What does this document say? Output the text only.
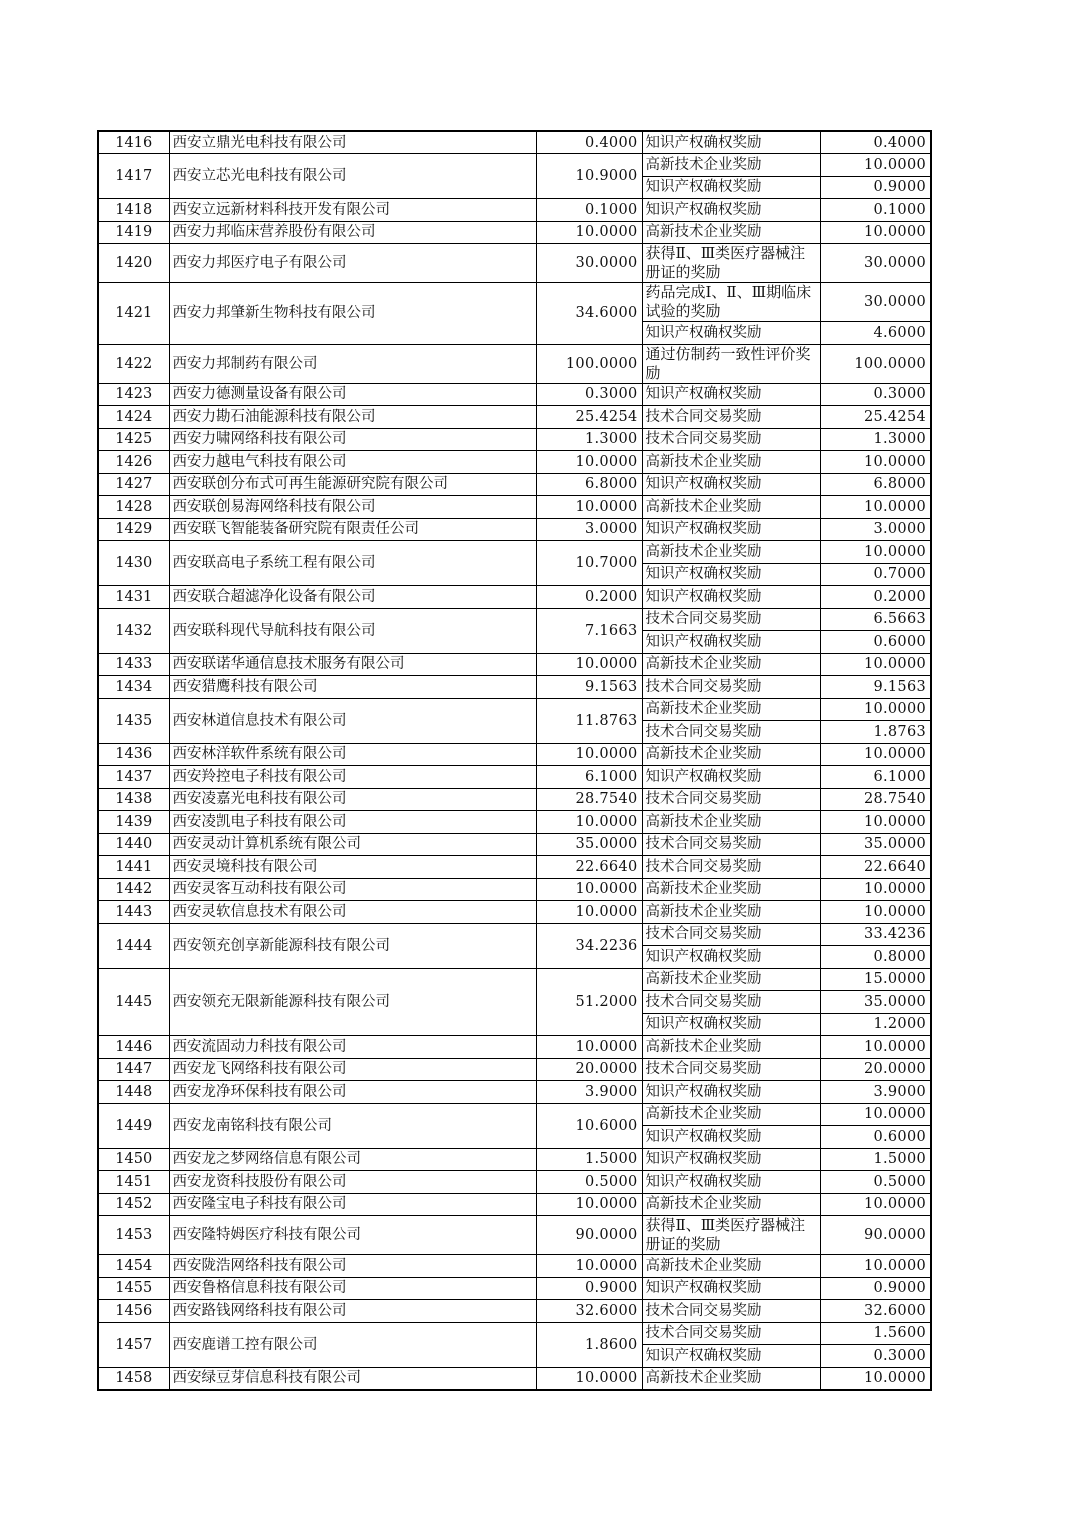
1416	西安立鼎光电科技有限公司	0.4000	知识产权确权奖励	0.4000
1417	西安立芯光电科技有限公司	10.9000	高新技术企业奖励	10.0000
			知识产权确权奖励	0.9000
1418	西安立远新材料科技开发有限公司	0.1000	知识产权确权奖励	0.1000
1419	西安力邦临床营养股份有限公司	10.0000	高新技术企业奖励	10.0000
1420	西安力邦医疗电子有限公司	30.0000	获得Ⅱ、Ⅲ类医疗器械注册证的奖励	30.0000
1421	西安力邦肇新生物科技有限公司	34.6000	药品完成Ⅰ、Ⅱ、Ⅲ期临床试验的奖励	30.0000
			知识产权确权奖励	4.6000
1422	西安力邦制药有限公司	100.0000	通过仿制药一致性评价奖励	100.0000
1423	西安力德测量设备有限公司	0.3000	知识产权确权奖励	0.3000
1424	西安力勘石油能源科技有限公司	25.4254	技术合同交易奖励	25.4254
1425	西安力啸网络科技有限公司	1.3000	技术合同交易奖励	1.3000
1426	西安力越电气科技有限公司	10.0000	高新技术企业奖励	10.0000
1427	西安联创分布式可再生能源研究院有限公司	6.8000	知识产权确权奖励	6.8000
1428	西安联创易海网络科技有限公司	10.0000	高新技术企业奖励	10.0000
1429	西安联飞智能装备研究院有限责任公司	3.0000	知识产权确权奖励	3.0000
1430	西安联高电子系统工程有限公司	10.7000	高新技术企业奖励	10.0000
			知识产权确权奖励	0.7000
1431	西安联合超滤净化设备有限公司	0.2000	知识产权确权奖励	0.2000
1432	西安联科现代导航科技有限公司	7.1663	技术合同交易奖励	6.5663
			知识产权确权奖励	0.6000
1433	西安联诺华通信息技术服务有限公司	10.0000	高新技术企业奖励	10.0000
1434	西安猎鹰科技有限公司	9.1563	技术合同交易奖励	9.1563
1435	西安林道信息技术有限公司	11.8763	高新技术企业奖励	10.0000
			技术合同交易奖励	1.8763
1436	西安林洋软件系统有限公司	10.0000	高新技术企业奖励	10.0000
1437	西安羚控电子科技有限公司	6.1000	知识产权确权奖励	6.1000
1438	西安凌嘉光电科技有限公司	28.7540	技术合同交易奖励	28.7540
1439	西安凌凯电子科技有限公司	10.0000	高新技术企业奖励	10.0000
1440	西安灵动计算机系统有限公司	35.0000	技术合同交易奖励	35.0000
1441	西安灵境科技有限公司	22.6640	技术合同交易奖励	22.6640
1442	西安灵客互动科技有限公司	10.0000	高新技术企业奖励	10.0000
1443	西安灵软信息技术有限公司	10.0000	高新技术企业奖励	10.0000
1444	西安领充创享新能源科技有限公司	34.2236	技术合同交易奖励	33.4236
			知识产权确权奖励	0.8000
1445	西安领充无限新能源科技有限公司	51.2000	高新技术企业奖励	15.0000
			技术合同交易奖励	35.0000
			知识产权确权奖励	1.2000
1446	西安流固动力科技有限公司	10.0000	高新技术企业奖励	10.0000
1447	西安龙飞网络科技有限公司	20.0000	技术合同交易奖励	20.0000
1448	西安龙净环保科技有限公司	3.9000	知识产权确权奖励	3.9000
1449	西安龙南铭科技有限公司	10.6000	高新技术企业奖励	10.0000
			知识产权确权奖励	0.6000
1450	西安龙之梦网络信息有限公司	1.5000	知识产权确权奖励	1.5000
1451	西安龙资科技股份有限公司	0.5000	知识产权确权奖励	0.5000
1452	西安隆宝电子科技有限公司	10.0000	高新技术企业奖励	10.0000
1453	西安隆特姆医疗科技有限公司	90.0000	获得Ⅱ、Ⅲ类医疗器械注册证的奖励	90.0000
1454	西安陇浩网络科技有限公司	10.0000	高新技术企业奖励	10.0000
1455	西安鲁格信息科技有限公司	0.9000	知识产权确权奖励	0.9000
1456	西安路钱网络科技有限公司	32.6000	技术合同交易奖励	32.6000
1457	西安鹿谱工控有限公司	1.8600	技术合同交易奖励	1.5600
			知识产权确权奖励	0.3000
1458	西安绿豆芽信息科技有限公司	10.0000	高新技术企业奖励	10.0000
